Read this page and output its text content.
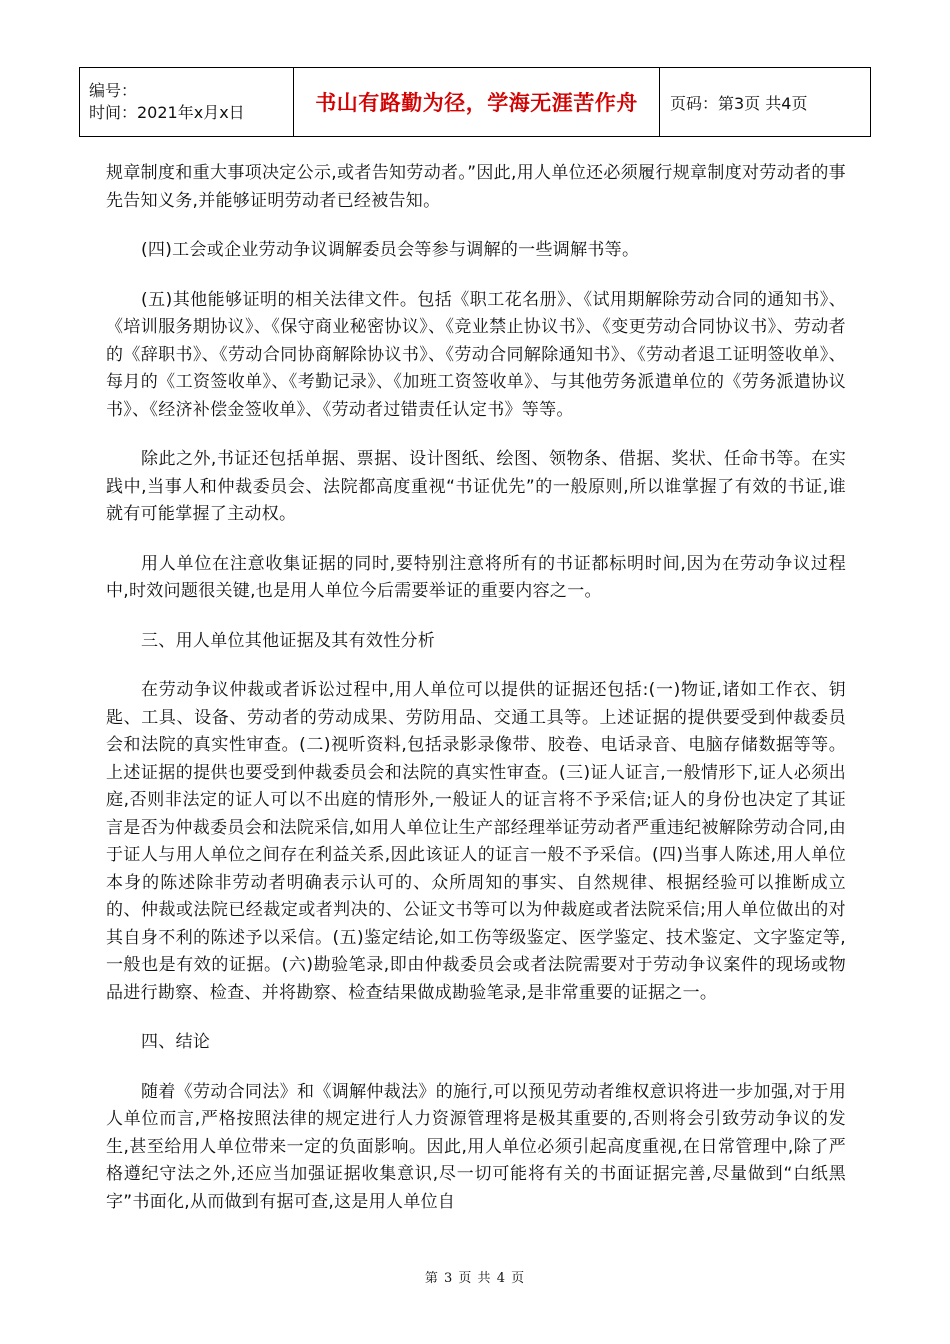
编号：
时间：2021年x月x日	书山有路勤为径，学海无涯苦作舟	页码：第3页 共4页

规章制度和重大事项决定公示,或者告知劳动者。”因此,用人单位还必须履行规章制度对劳动者的事先告知义务,并能够证明劳动者已经被告知。

(四)工会或企业劳动争议调解委员会等参与调解的一些调解书等。

(五)其他能够证明的相关法律文件。包括《职工花名册》、《试用期解除劳动合同的通知书》、《培训服务期协议》、《保守商业秘密协议》、《竞业禁止协议书》、《变更劳动合同协议书》、劳动者的《辞职书》、《劳动合同协商解除协议书》、《劳动合同解除通知书》、《劳动者退工证明签收单》、每月的《工资签收单》、《考勤记录》、《加班工资签收单》、与其他劳务派遣单位的《劳务派遣协议书》、《经济补偿金签收单》、《劳动者过错责任认定书》等等。

除此之外,书证还包括单据、票据、设计图纸、绘图、领物条、借据、奖状、任命书等。在实践中,当事人和仲裁委员会、法院都高度重视“书证优先”的一般原则,所以谁掌握了有效的书证,谁就有可能掌握了主动权。

用人单位在注意收集证据的同时,要特别注意将所有的书证都标明时间,因为在劳动争议过程中,时效问题很关键,也是用人单位今后需要举证的重要内容之一。

三、用人单位其他证据及其有效性分析

在劳动争议仲裁或者诉讼过程中,用人单位可以提供的证据还包括:(一)物证,诸如工作衣、钥匙、工具、设备、劳动者的劳动成果、劳防用品、交通工具等。上述证据的提供要受到仲裁委员会和法院的真实性审查。(二)视听资料,包括录影录像带、胶卷、电话录音、电脑存储数据等等。上述证据的提供也要受到仲裁委员会和法院的真实性审查。(三)证人证言,一般情形下,证人必须出庭,否则非法定的证人可以不出庭的情形外,一般证人的证言将不予采信;证人的身份也决定了其证言是否为仲裁委员会和法院采信,如用人单位让生产部经理举证劳动者严重违纪被解除劳动合同,由于证人与用人单位之间存在利益关系,因此该证人的证言一般不予采信。(四)当事人陈述,用人单位本身的陈述除非劳动者明确表示认可的、众所周知的事实、自然规律、根据经验可以推断成立的、仲裁或法院已经裁定或者判决的、公证文书等可以为仲裁庭或者法院采信;用人单位做出的对其自身不利的陈述予以采信。(五)鉴定结论,如工伤等级鉴定、医学鉴定、技术鉴定、文字鉴定等,一般也是有效的证据。(六)勘验笔录,即由仲裁委员会或者法院需要对于劳动争议案件的现场或物品进行勘察、检查、并将勘察、检查结果做成勘验笔录,是非常重要的证据之一。

四、结论

随着《劳动合同法》和《调解仲裁法》的施行,可以预见劳动者维权意识将进一步加强,对于用人单位而言,严格按照法律的规定进行人力资源管理将是极其重要的,否则将会引致劳动争议的发生,甚至给用人单位带来一定的负面影响。因此,用人单位必须引起高度重视,在日常管理中,除了严格遵纪守法之外,还应当加强证据收集意识,尽一切可能将有关的书面证据完善,尽量做到“白纸黑字”书面化,从而做到有据可查,这是用人单位自

第 3 页 共 4 页
